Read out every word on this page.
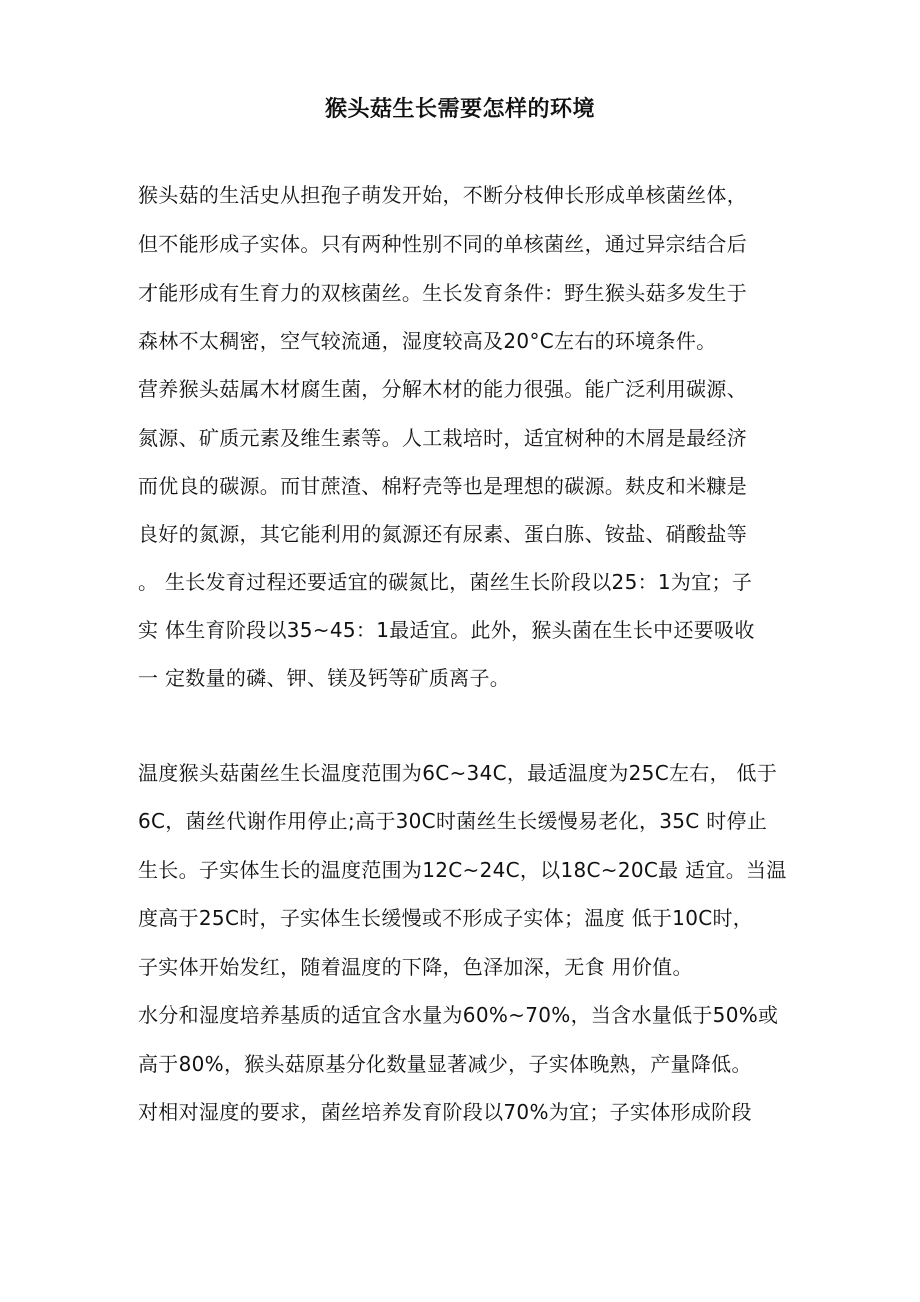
猴头菇生长需要怎样的环境
猴头菇的生活史从担孢子萌发开始，不断分枝伸长形成单核菌丝体，
但不能形成子实体。只有两种性别不同的单核菌丝，通过异宗结合后
才能形成有生育力的双核菌丝。生长发育条件：野生猴头菇多发生于
森林不太稠密，空气较流通，湿度较高及20°C左右的环境条件。
营养猴头菇属木材腐生菌，分解木材的能力很强。能广泛利用碳源、
氮源、矿质元素及维生素等。人工栽培时，适宜树种的木屑是最经济
而优良的碳源。而甘蔗渣、棉籽壳等也是理想的碳源。麸皮和米糠是
良好的氮源，其它能利用的氮源还有尿素、蛋白胨、铵盐、硝酸盐等
。 生长发育过程还要适宜的碳氮比，菌丝生长阶段以25：1为宜；子
实 体生育阶段以35~45：1最适宜。此外，猴头菌在生长中还要吸收
一 定数量的磷、钾、镁及钙等矿质离子。
温度猴头菇菌丝生长温度范围为6C~34C，最适温度为25C左右， 低于
6C，菌丝代谢作用停止;高于30C时菌丝生长缓慢易老化，35C 时停止
生长。子实体生长的温度范围为12C~24C，以18C~20C最 适宜。当温
度高于25C时，子实体生长缓慢或不形成子实体；温度 低于10C时，
子实体开始发红，随着温度的下降，色泽加深，无食 用价值。
水分和湿度培养基质的适宜含水量为60%~70%，当含水量低于50%或
高于80%，猴头菇原基分化数量显著减少，子实体晚熟，产量降低。
对相对湿度的要求，菌丝培养发育阶段以70%为宜；子实体形成阶段
